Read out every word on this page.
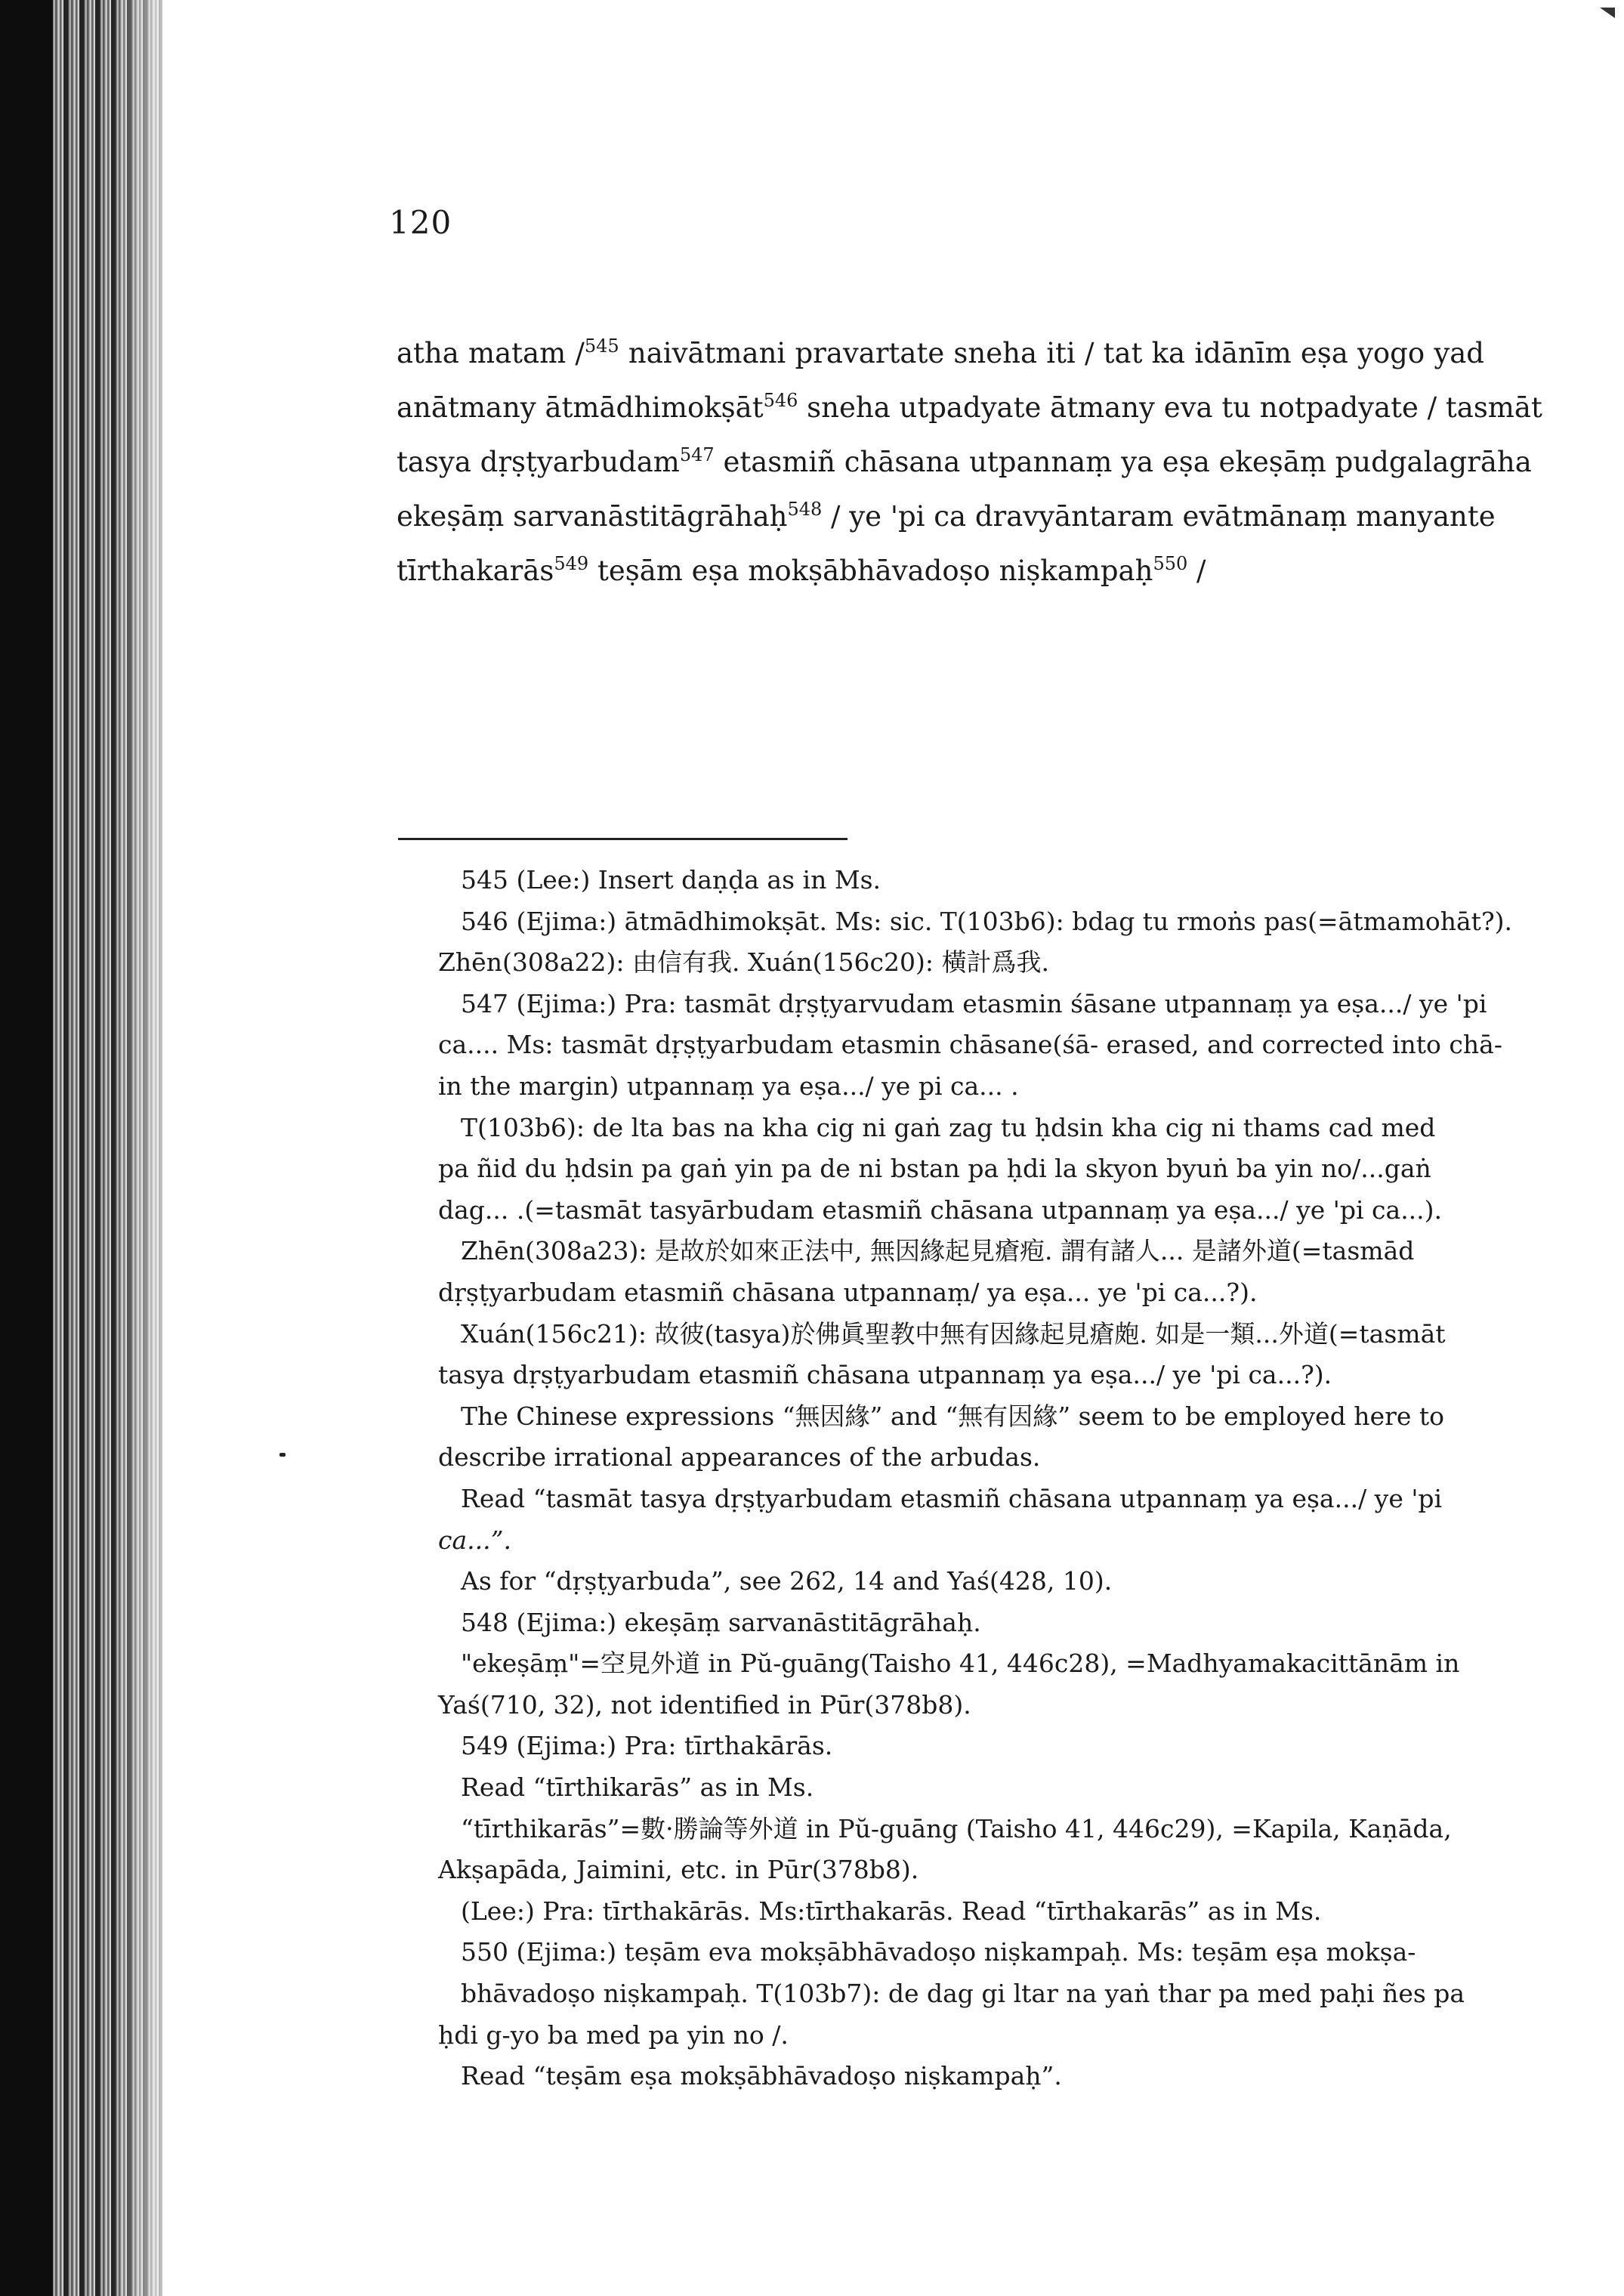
120
atha matam /$^{545}$ naivātmani pravartate sneha iti / tat ka idānīm eṣa yogo yad
anātmany ātmādhimokṣāt$^{546}$ sneha utpadyate ātmany eva tu notpadyate / tasmāt
tasya dṛṣṭyarbudam$^{547}$ etasmiñ chāsana utpannaṃ ya eṣa ekeṣāṃ pudgalagrāha
ekeṣāṃ sarvanāstitāgrāhaḥ$^{548}$ / ye 'pi ca dravyāntaram evātmānaṃ manyante
tīrthakarās$^{549}$ teṣām eṣa mokṣābhāvadoṣo niṣkampaḥ$^{550}$ /
545 (Lee:) Insert daṇḍa as in Ms.
546 (Ejima:) ātmādhimokṣāt. Ms: sic. T(103b6): bdag tu rmoṅs pas(=ātmamohāt?).
Zhēn(308a22): 由信有我. Xuán(156c20): 橫計爲我.
547 (Ejima:) Pra: tasmāt dṛṣṭyarvudam etasmin śāsane utpannaṃ ya eṣa.../ ye 'pi
ca.... Ms: tasmāt dṛṣṭyarbudam etasmin chāsane(śā- erased, and corrected into chā-
in the margin) utpannaṃ ya eṣa.../ ye pi ca... .
T(103b6): de lta bas na kha cig ni gaṅ zag tu ḥdsin kha cig ni thams cad med
pa ñid du ḥdsin pa gaṅ yin pa de ni bstan pa ḥdi la skyon byuṅ ba yin no/...gaṅ
dag... .(=tasmāt tasyārbudam etasmiñ chāsana utpannaṃ ya eṣa.../ ye 'pi ca...).
Zhēn(308a23): 是故於如來正法中, 無因緣起見瘡疱. 謂有諸人... 是諸外道(=tasmād
dṛṣṭyarbudam etasmiñ chāsana utpannaṃ/ ya eṣa... ye 'pi ca...?).
Xuán(156c21): 故彼(tasya)於佛眞聖教中無有因緣起見瘡皰. 如是一類...外道(=tasmāt
tasya dṛṣṭyarbudam etasmiñ chāsana utpannaṃ ya eṣa.../ ye 'pi ca...?).
The Chinese expressions “無因緣” and “無有因緣” seem to be employed here to
describe irrational appearances of the arbudas.
Read “tasmāt tasya dṛṣṭyarbudam etasmiñ chāsana utpannaṃ ya eṣa.../ ye 'pi
ca...”.
As for “dṛṣṭyarbuda”, see 262, 14 and Yaś(428, 10).
548 (Ejima:) ekeṣāṃ sarvanāstitāgrāhaḥ.
"ekeṣāṃ"=空見外道 in Pŭ-guāng(Taisho 41, 446c28), =Madhyamakacittānām in
Yaś(710, 32), not identified in Pūr(378b8).
549 (Ejima:) Pra: tīrthakārās.
Read “tīrthikarās” as in Ms.
“tīrthikarās”=數·勝論等外道 in Pŭ-guāng (Taisho 41, 446c29), =Kapila, Kaṇāda,
Akṣapāda, Jaimini, etc. in Pūr(378b8).
(Lee:) Pra: tīrthakārās. Ms:tīrthakarās. Read “tīrthakarās” as in Ms.
550 (Ejima:) teṣām eva mokṣābhāvadoṣo niṣkampaḥ. Ms: teṣām eṣa mokṣa-
bhāvadoṣo niṣkampaḥ. T(103b7): de dag gi ltar na yaṅ thar pa med paḥi ñes pa
ḥdi g-yo ba med pa yin no /.
Read “teṣām eṣa mokṣābhāvadoṣo niṣkampaḥ”.
